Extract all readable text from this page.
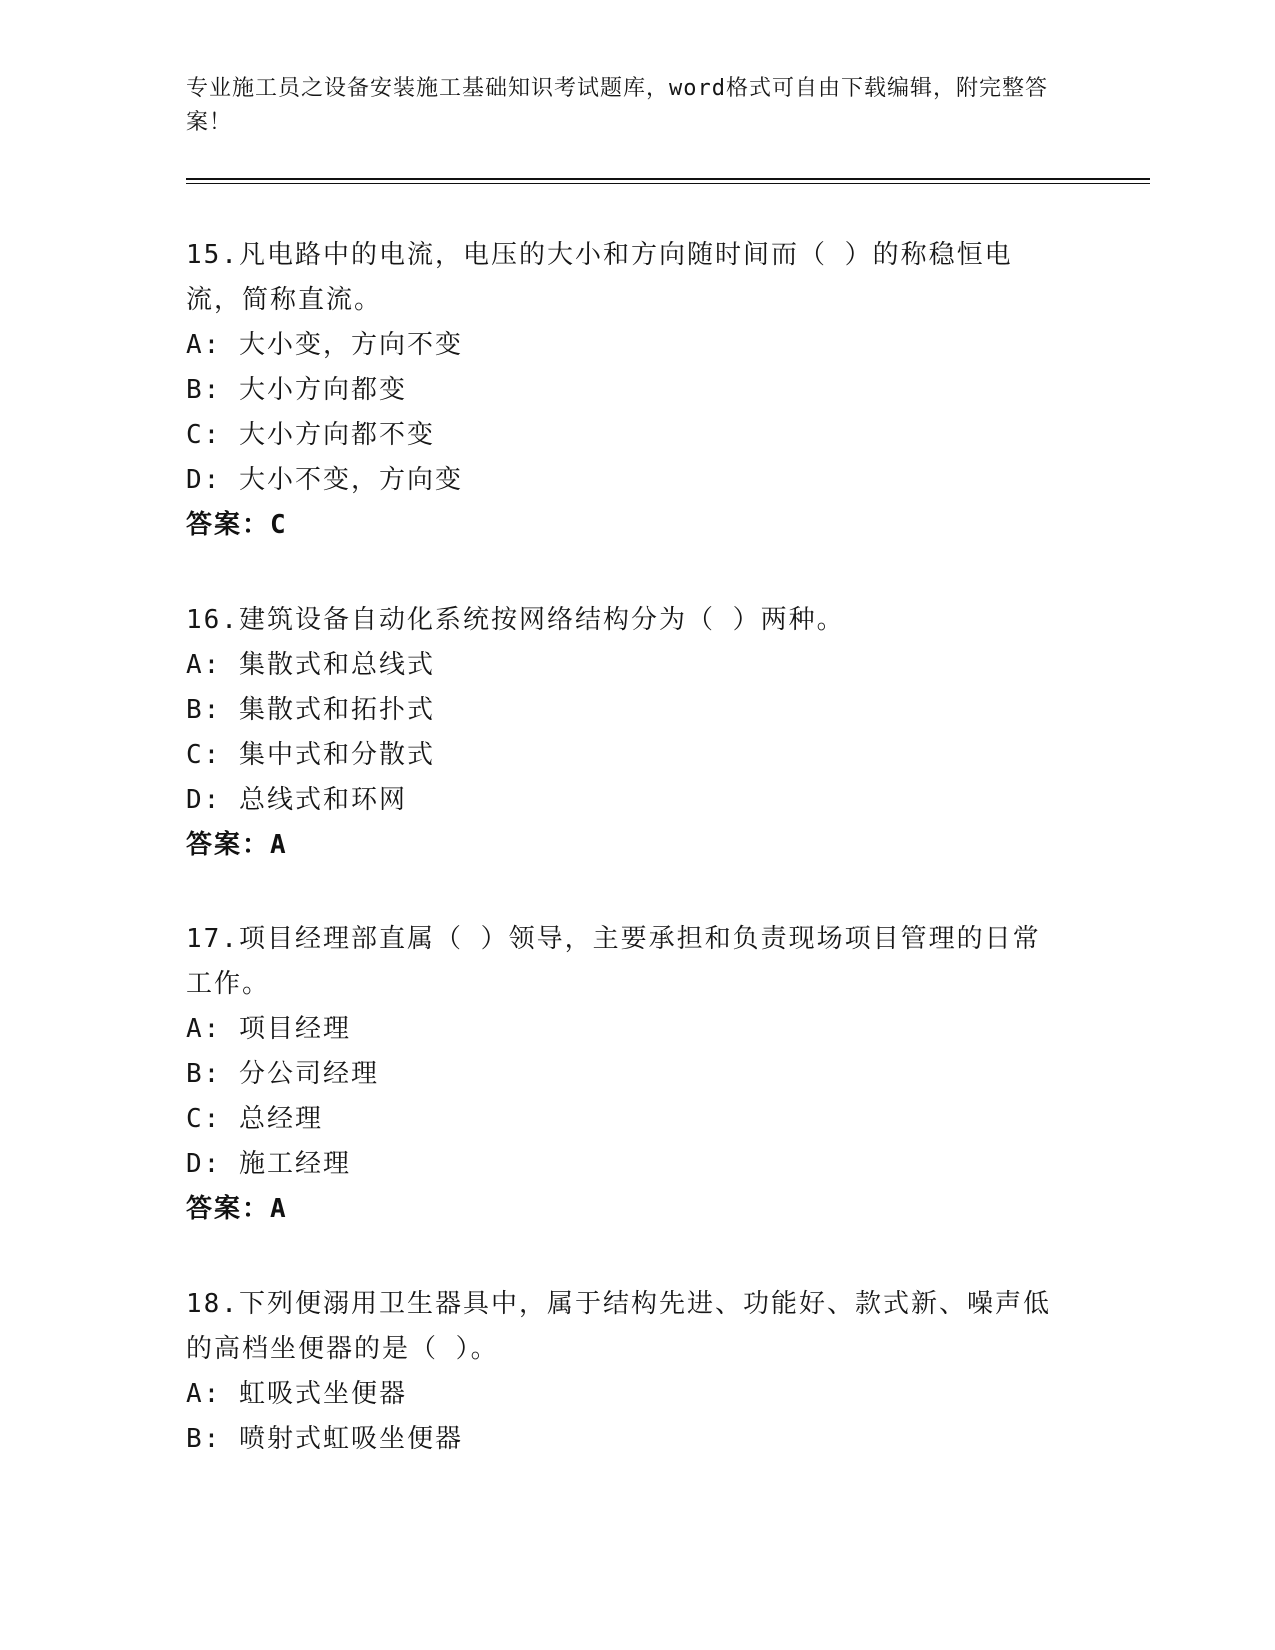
专业施工员之设备安装施工基础知识考试题库，word格式可自由下载编辑，附完整答案！
15.凡电路中的电流，电压的大小和方向随时间而（ ）的称稳恒电流，简称直流。
A: 大小变，方向不变
B: 大小方向都变
C: 大小方向都不变
D: 大小不变，方向变
答案：C
16.建筑设备自动化系统按网络结构分为（ ）两种。
A: 集散式和总线式
B: 集散式和拓扑式
C: 集中式和分散式
D: 总线式和环网
答案：A
17.项目经理部直属（ ）领导，主要承担和负责现场项目管理的日常工作。
A: 项目经理
B: 分公司经理
C: 总经理
D: 施工经理
答案：A
18.下列便溺用卫生器具中，属于结构先进、功能好、款式新、噪声低的高档坐便器的是（ ）。
A: 虹吸式坐便器
B: 喷射式虹吸坐便器
